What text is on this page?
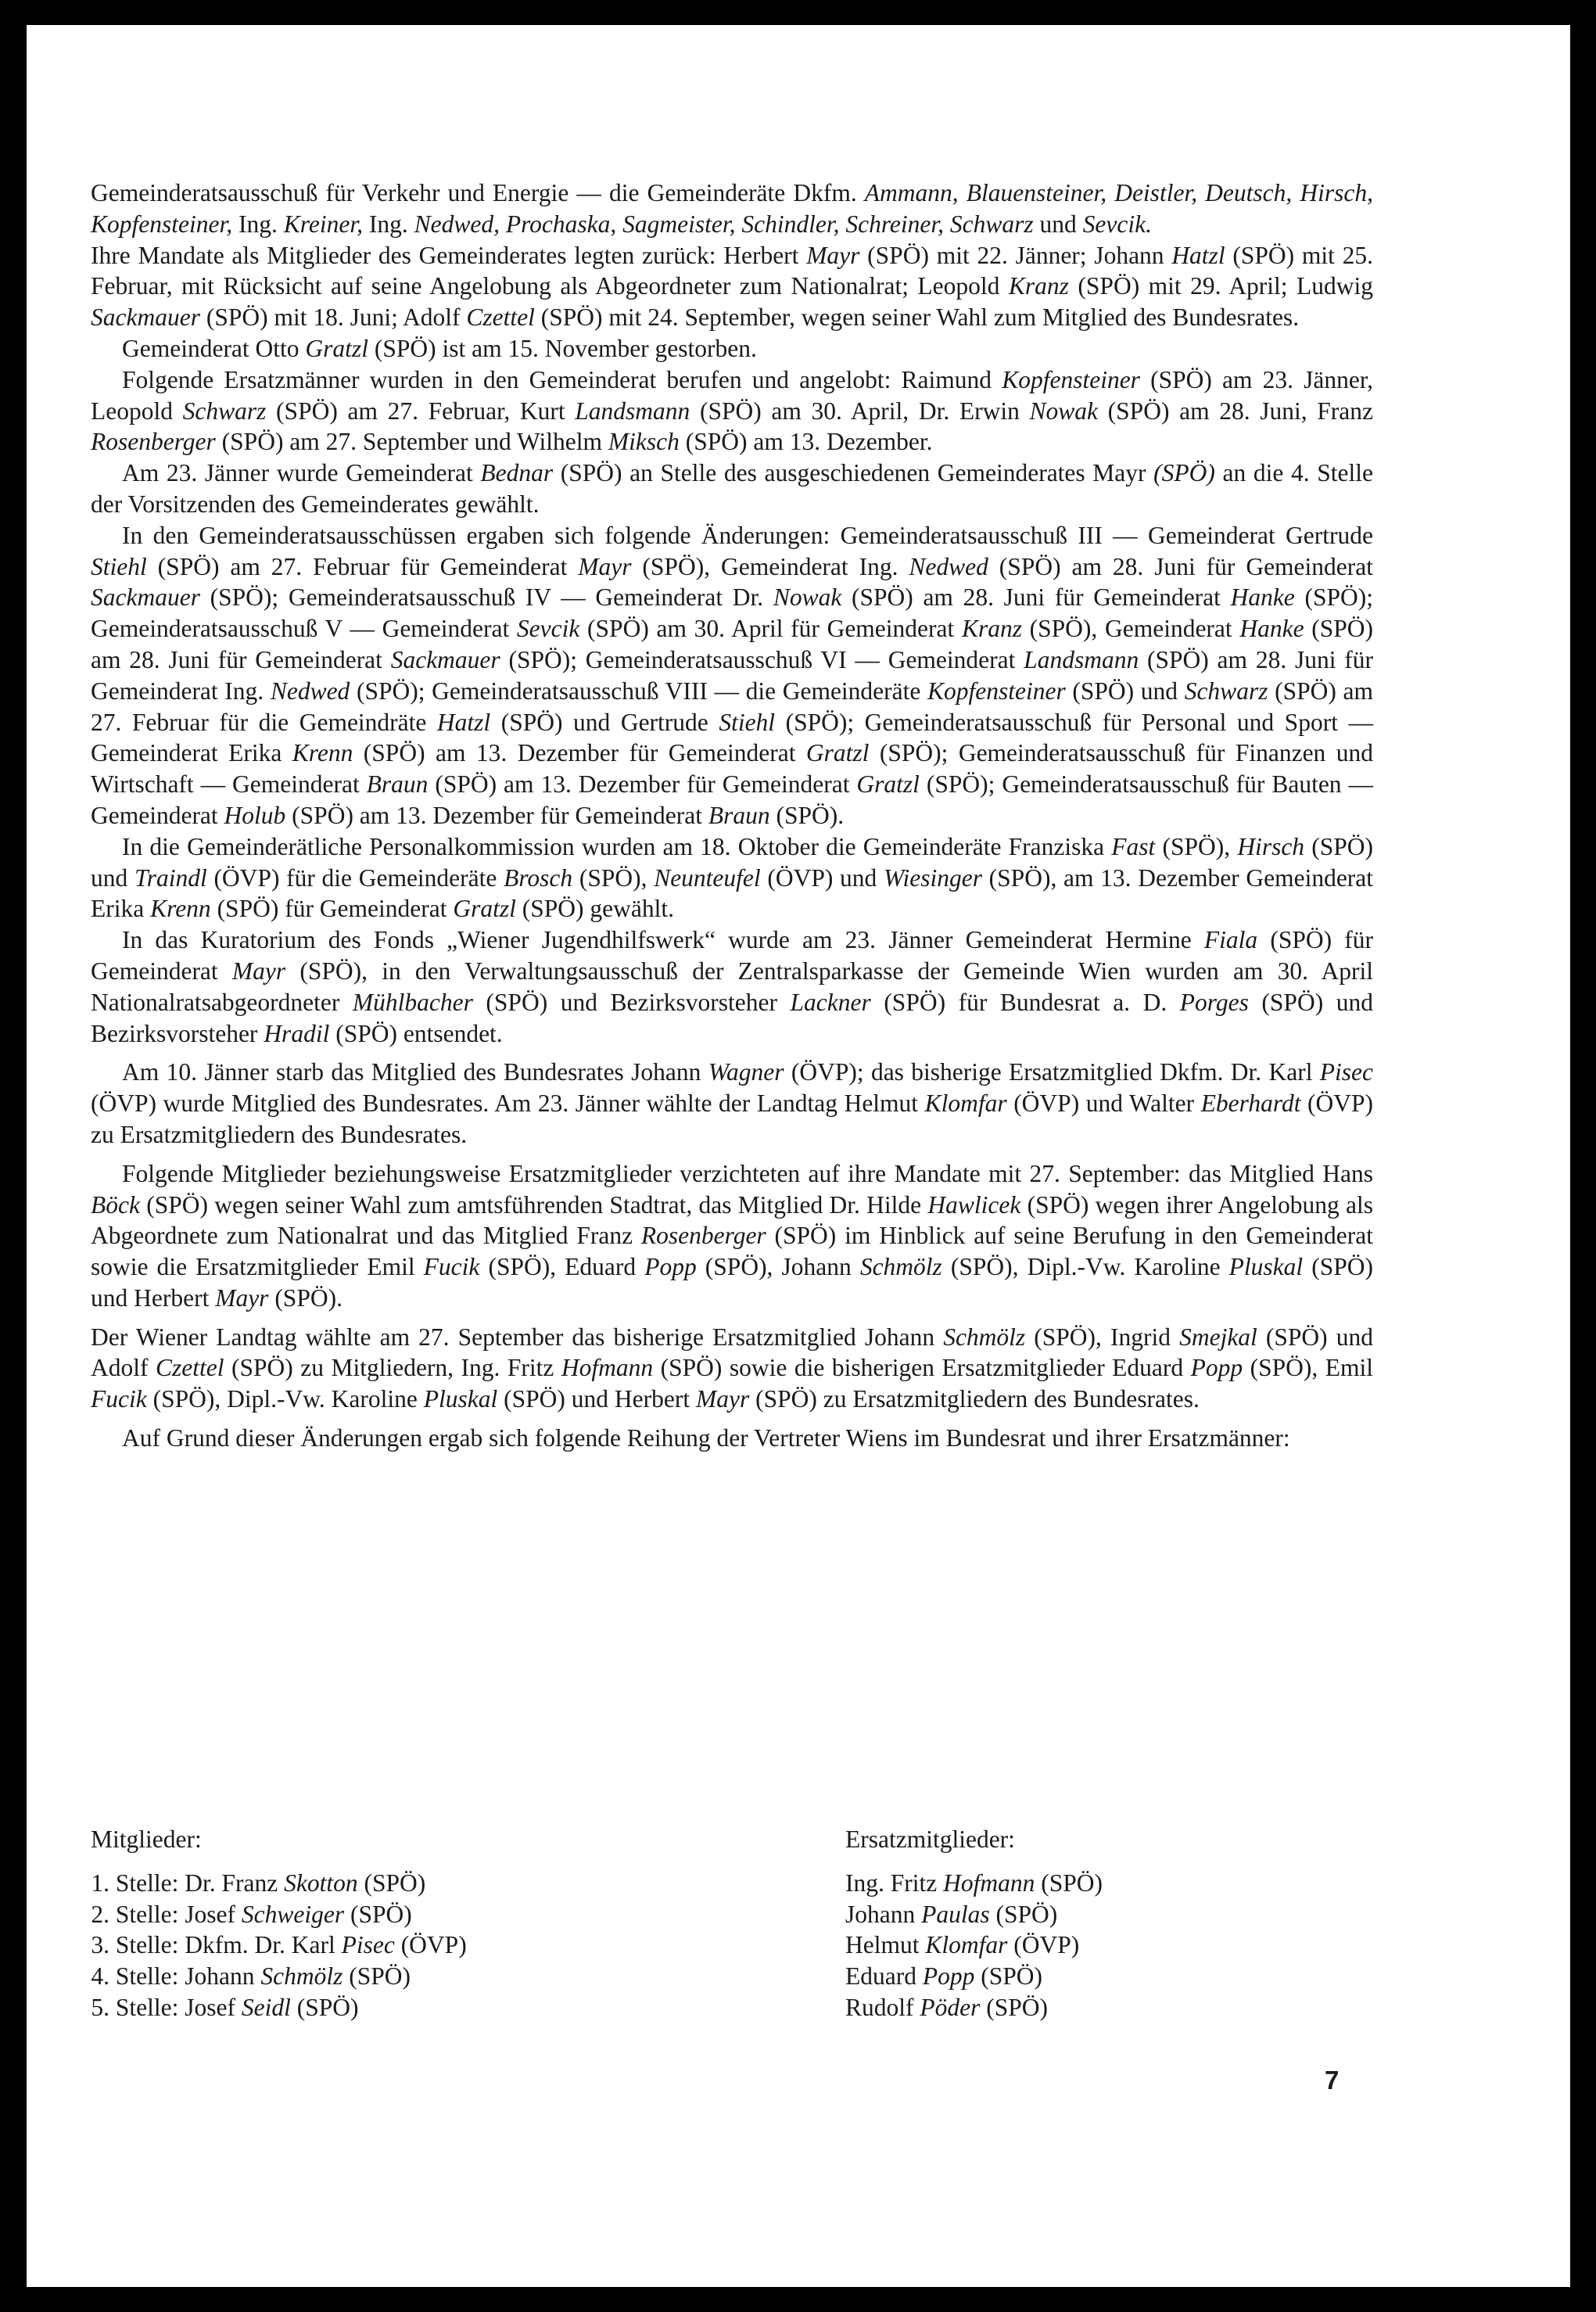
Gemeinderatsausschuß für Verkehr und Energie — die Gemeinderäte Dkfm. Ammann, Blauensteiner, Deistler, Deutsch, Hirsch, Kopfensteiner, Ing. Kreiner, Ing. Nedwed, Prochaska, Sagmeister, Schindler, Schreiner, Schwarz und Sevcik.

Ihre Mandate als Mitglieder des Gemeinderates legten zurück: Herbert Mayr (SPÖ) mit 22. Jänner; Johann Hatzl (SPÖ) mit 25. Februar, mit Rücksicht auf seine Angelobung als Abgeordneter zum Nationalrat; Leopold Kranz (SPÖ) mit 29. April; Ludwig Sackmauer (SPÖ) mit 18. Juni; Adolf Czettel (SPÖ) mit 24. September, wegen seiner Wahl zum Mitglied des Bundesrates.

Gemeinderat Otto Gratzl (SPÖ) ist am 15. November gestorben.

Folgende Ersatzmänner wurden in den Gemeinderat berufen und angelobt: Raimund Kopfensteiner (SPÖ) am 23. Jänner, Leopold Schwarz (SPÖ) am 27. Februar, Kurt Landsmann (SPÖ) am 30. April, Dr. Erwin Nowak (SPÖ) am 28. Juni, Franz Rosenberger (SPÖ) am 27. September und Wilhelm Miksch (SPÖ) am 13. Dezember.

Am 23. Jänner wurde Gemeinderat Bednar (SPÖ) an Stelle des ausgeschiedenen Gemeinderates Mayr (SPÖ) an die 4. Stelle der Vorsitzenden des Gemeinderates gewählt.

In den Gemeinderatsausschüssen ergaben sich folgende Änderungen: Gemeinderatsausschuß III — Gemeinderat Gertrude Stiehl (SPÖ) am 27. Februar für Gemeinderat Mayr (SPÖ), Gemeinderat Ing. Nedwed (SPÖ) am 28. Juni für Gemeinderat Sackmauer (SPÖ); Gemeinderatsausschuß IV — Gemeinderat Dr. Nowak (SPÖ) am 28. Juni für Gemeinderat Hanke (SPÖ); Gemeinderatsausschuß V — Gemeinderat Sevcik (SPÖ) am 30. April für Gemeinderat Kranz (SPÖ), Gemeinderat Hanke (SPÖ) am 28. Juni für Gemeinderat Sackmauer (SPÖ); Gemeinderatsausschuß VI — Gemeinderat Landsmann (SPÖ) am 28. Juni für Gemeinderat Ing. Nedwed (SPÖ); Gemeinderatsausschuß VIII — die Gemeinderäte Kopfensteiner (SPÖ) und Schwarz (SPÖ) am 27. Februar für die Gemeindräte Hatzl (SPÖ) und Gertrude Stiehl (SPÖ); Gemeinderatsausschuß für Personal und Sport — Gemeinderat Erika Krenn (SPÖ) am 13. Dezember für Gemeinderat Gratzl (SPÖ); Gemeinderatsausschuß für Finanzen und Wirtschaft — Gemeinderat Braun (SPÖ) am 13. Dezember für Gemeinderat Gratzl (SPÖ); Gemeinderatsausschuß für Bauten — Gemeinderat Holub (SPÖ) am 13. Dezember für Gemeinderat Braun (SPÖ).

In die Gemeinderätliche Personalkommission wurden am 18. Oktober die Gemeinderäte Franziska Fast (SPÖ), Hirsch (SPÖ) und Traindl (ÖVP) für die Gemeinderäte Brosch (SPÖ), Neunteufel (ÖVP) und Wiesinger (SPÖ), am 13. Dezember Gemeinderat Erika Krenn (SPÖ) für Gemeinderat Gratzl (SPÖ) gewählt.

In das Kuratorium des Fonds „Wiener Jugendhilfswerk“ wurde am 23. Jänner Gemeinderat Hermine Fiala (SPÖ) für Gemeinderat Mayr (SPÖ), in den Verwaltungsausschuß der Zentralsparkasse der Gemeinde Wien wurden am 30. April Nationalratsabgeordneter Mühlbacher (SPÖ) und Bezirksvorsteher Lackner (SPÖ) für Bundesrat a. D. Porges (SPÖ) und Bezirksvorsteher Hradil (SPÖ) entsendet.

Am 10. Jänner starb das Mitglied des Bundesrates Johann Wagner (ÖVP); das bisherige Ersatzmitglied Dkfm. Dr. Karl Pisec (ÖVP) wurde Mitglied des Bundesrates. Am 23. Jänner wählte der Landtag Helmut Klomfar (ÖVP) und Walter Eberhardt (ÖVP) zu Ersatzmitgliedern des Bundesrates.

Folgende Mitglieder beziehungsweise Ersatzmitglieder verzichteten auf ihre Mandate mit 27. September: das Mitglied Hans Böck (SPÖ) wegen seiner Wahl zum amtsführenden Stadtrat, das Mitglied Dr. Hilde Hawlicek (SPÖ) wegen ihrer Angelobung als Abgeordnete zum Nationalrat und das Mitglied Franz Rosenberger (SPÖ) im Hinblick auf seine Berufung in den Gemeinderat sowie die Ersatzmitglieder Emil Fucik (SPÖ), Eduard Popp (SPÖ), Johann Schmölz (SPÖ), Dipl.-Vw. Karoline Pluskal (SPÖ) und Herbert Mayr (SPÖ).

Der Wiener Landtag wählte am 27. September das bisherige Ersatzmitglied Johann Schmölz (SPÖ), Ingrid Smejkal (SPÖ) und Adolf Czettel (SPÖ) zu Mitgliedern, Ing. Fritz Hofmann (SPÖ) sowie die bisherigen Ersatzmitglieder Eduard Popp (SPÖ), Emil Fucik (SPÖ), Dipl.-Vw. Karoline Pluskal (SPÖ) und Herbert Mayr (SPÖ) zu Ersatzmitgliedern des Bundesrates.

Auf Grund dieser Änderungen ergab sich folgende Reihung der Vertreter Wiens im Bundesrat und ihrer Ersatzmänner:

Mitglieder:
1. Stelle: Dr. Franz Skotton (SPÖ)
2. Stelle: Josef Schweiger (SPÖ)
3. Stelle: Dkfm. Dr. Karl Pisec (ÖVP)
4. Stelle: Johann Schmölz (SPÖ)
5. Stelle: Josef Seidl (SPÖ)
Ersatzmitglieder:
Ing. Fritz Hofmann (SPÖ)
Johann Paulas (SPÖ)
Helmut Klomfar (ÖVP)
Eduard Popp (SPÖ)
Rudolf Pöder (SPÖ)
7
